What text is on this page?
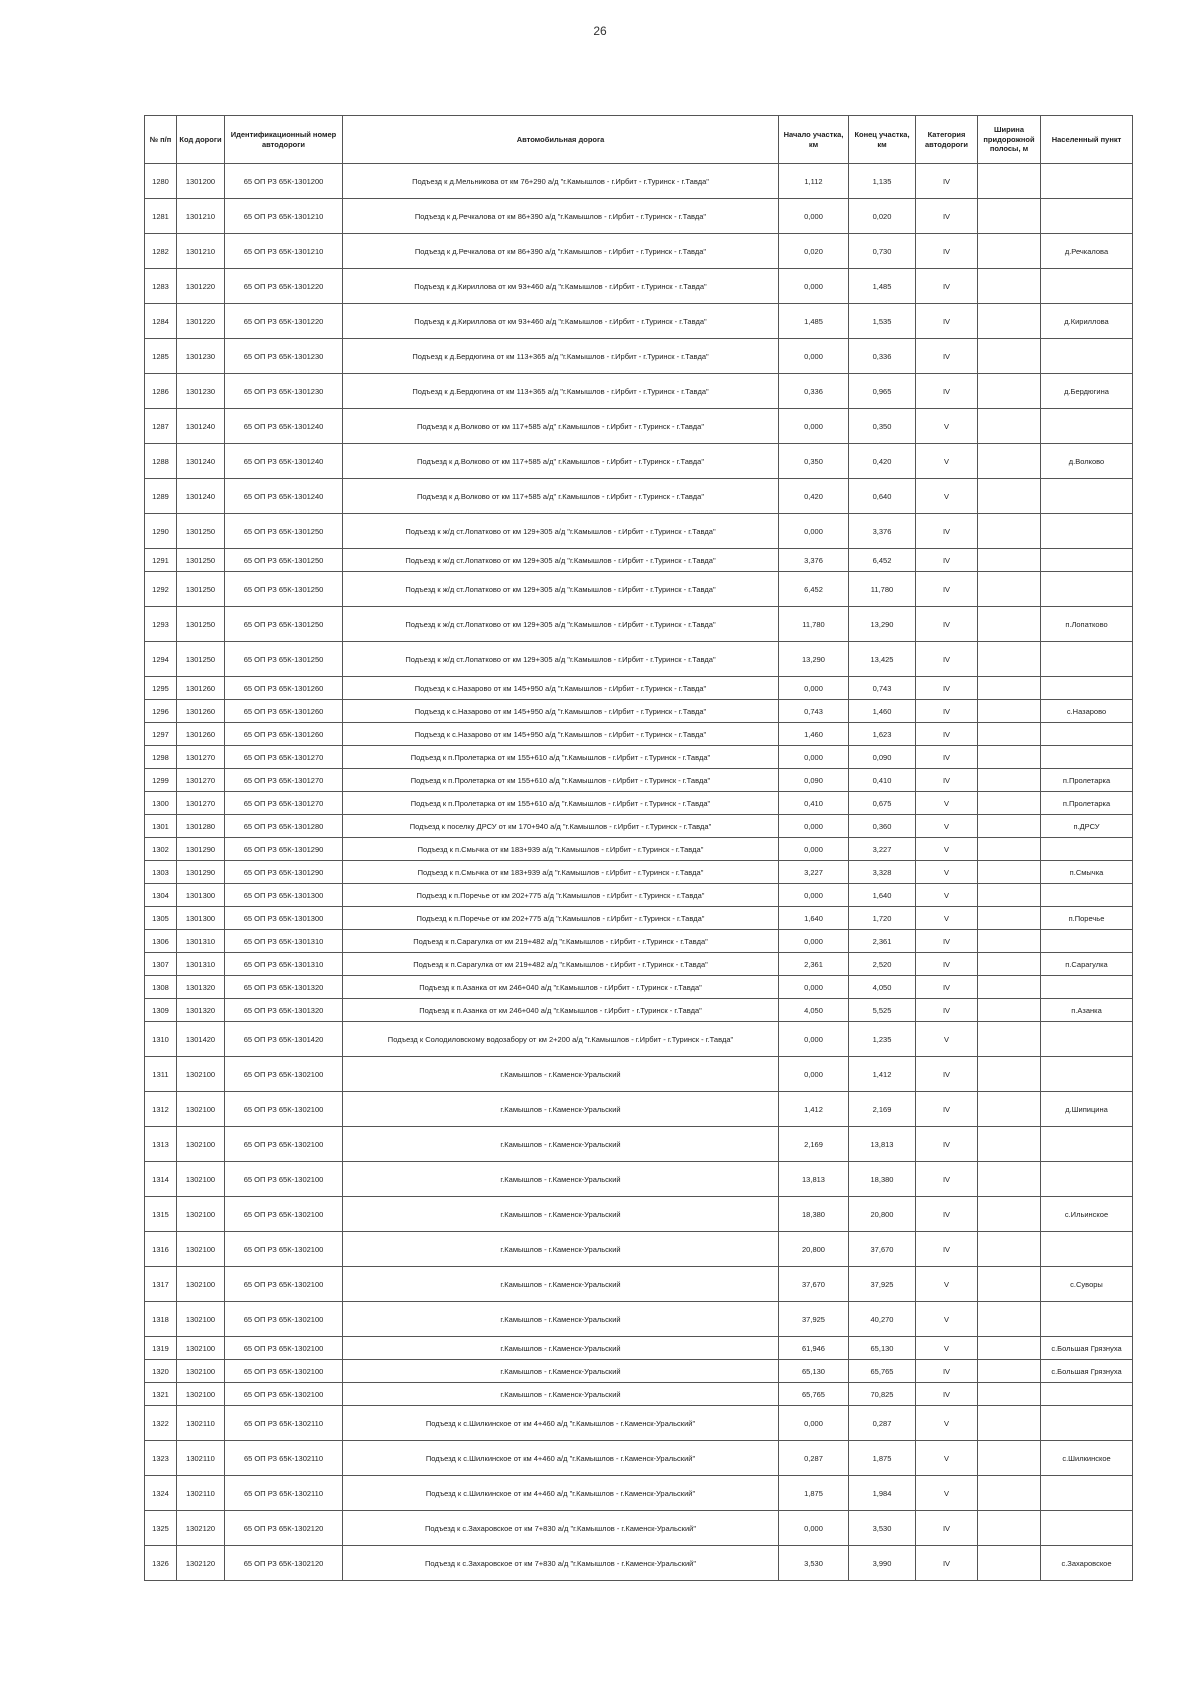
26
№ п/п	Код дороги	Идентификационный номер автодороги	Автомобильная дорога	Начало участка, км	Конец участка, км	Категория автодороги	Ширина придорожной полосы, м	Населенный пункт
1280	1301200	65 ОП РЗ 65К-1301200	Подъезд к д.Мельникова от км 76+290 а/д "г.Камышлов - г.Ирбит - г.Туринск - г.Тавда"	1,112	1,135	IV		
1281	1301210	65 ОП РЗ 65К-1301210	Подъезд к д.Речкалова от км 86+390 а/д "г.Камышлов - г.Ирбит - г.Туринск - г.Тавда"	0,000	0,020	IV		
1282	1301210	65 ОП РЗ 65К-1301210	Подъезд к д.Речкалова от км 86+390 а/д "г.Камышлов - г.Ирбит - г.Туринск - г.Тавда"	0,020	0,730	IV		д.Речкалова
1283	1301220	65 ОП РЗ 65К-1301220	Подъезд к д.Кириллова от км 93+460 а/д "г.Камышлов - г.Ирбит - г.Туринск - г.Тавда"	0,000	1,485	IV		
1284	1301220	65 ОП РЗ 65К-1301220	Подъезд к д.Кириллова от км 93+460 а/д "г.Камышлов - г.Ирбит - г.Туринск - г.Тавда"	1,485	1,535	IV		д.Кириллова
1285	1301230	65 ОП РЗ 65К-1301230	Подъезд к д.Бердюгина от км 113+365 а/д "г.Камышлов - г.Ирбит - г.Туринск - г.Тавда"	0,000	0,336	IV		
1286	1301230	65 ОП РЗ 65К-1301230	Подъезд к д.Бердюгина от км 113+365 а/д "г.Камышлов - г.Ирбит - г.Туринск - г.Тавда"	0,336	0,965	IV		д.Бердюгина
1287	1301240	65 ОП РЗ 65К-1301240	Подъезд к д.Волково от км 117+585 а/д" г.Камышлов - г.Ирбит - г.Туринск - г.Тавда"	0,000	0,350	V		
1288	1301240	65 ОП РЗ 65К-1301240	Подъезд к д.Волково от км 117+585 а/д" г.Камышлов - г.Ирбит - г.Туринск - г.Тавда"	0,350	0,420	V		д.Волково
1289	1301240	65 ОП РЗ 65К-1301240	Подъезд к д.Волково от км 117+585 а/д" г.Камышлов - г.Ирбит - г.Туринск - г.Тавда"	0,420	0,640	V		
1290	1301250	65 ОП РЗ 65К-1301250	Подъезд к ж/д ст.Лопатково от км 129+305 а/д "г.Камышлов - г.Ирбит - г.Туринск - г.Тавда"	0,000	3,376	IV		
1291	1301250	65 ОП РЗ 65К-1301250	Подъезд к ж/д ст.Лопатково от км 129+305 а/д "г.Камышлов - г.Ирбит - г.Туринск - г.Тавда"	3,376	6,452	IV		
1292	1301250	65 ОП РЗ 65К-1301250	Подъезд к ж/д ст.Лопатково от км 129+305 а/д "г.Камышлов - г.Ирбит - г.Туринск - г.Тавда"	6,452	11,780	IV		
1293	1301250	65 ОП РЗ 65К-1301250	Подъезд к ж/д ст.Лопатково от км 129+305 а/д "г.Камышлов - г.Ирбит - г.Туринск - г.Тавда"	11,780	13,290	IV		п.Лопатково
1294	1301250	65 ОП РЗ 65К-1301250	Подъезд к ж/д ст.Лопатково от км 129+305 а/д "г.Камышлов - г.Ирбит - г.Туринск - г.Тавда"	13,290	13,425	IV		
1295	1301260	65 ОП РЗ 65К-1301260	Подъезд к с.Назарово от км 145+950 а/д "г.Камышлов - г.Ирбит - г.Туринск - г.Тавда"	0,000	0,743	IV		
1296	1301260	65 ОП РЗ 65К-1301260	Подъезд к с.Назарово от км 145+950 а/д "г.Камышлов - г.Ирбит - г.Туринск - г.Тавда"	0,743	1,460	IV		с.Назарово
1297	1301260	65 ОП РЗ 65К-1301260	Подъезд к с.Назарово от км 145+950 а/д "г.Камышлов - г.Ирбит - г.Туринск - г.Тавда"	1,460	1,623	IV		
1298	1301270	65 ОП РЗ 65К-1301270	Подъезд к п.Пролетарка от км 155+610 а/д "г.Камышлов - г.Ирбит - г.Туринск - г.Тавда"	0,000	0,090	IV		
1299	1301270	65 ОП РЗ 65К-1301270	Подъезд к п.Пролетарка от км 155+610 а/д "г.Камышлов - г.Ирбит - г.Туринск - г.Тавда"	0,090	0,410	IV		п.Пролетарка
1300	1301270	65 ОП РЗ 65К-1301270	Подъезд к п.Пролетарка от км 155+610 а/д "г.Камышлов - г.Ирбит - г.Туринск - г.Тавда"	0,410	0,675	V		п.Пролетарка
1301	1301280	65 ОП РЗ 65К-1301280	Подъезд к поселку ДРСУ от км 170+940 а/д "г.Камышлов - г.Ирбит - г.Туринск - г.Тавда"	0,000	0,360	V		п.ДРСУ
1302	1301290	65 ОП РЗ 65К-1301290	Подъезд к п.Смычка от км 183+939 а/д "г.Камышлов - г.Ирбит - г.Туринск - г.Тавда"	0,000	3,227	V		
1303	1301290	65 ОП РЗ 65К-1301290	Подъезд к п.Смычка от км 183+939 а/д "г.Камышлов - г.Ирбит - г.Туринск - г.Тавда"	3,227	3,328	V		п.Смычка
1304	1301300	65 ОП РЗ 65К-1301300	Подъезд к п.Поречье от км 202+775 а/д "г.Камышлов - г.Ирбит - г.Туринск - г.Тавда"	0,000	1,640	V		
1305	1301300	65 ОП РЗ 65К-1301300	Подъезд к п.Поречье от км 202+775 а/д "г.Камышлов - г.Ирбит - г.Туринск - г.Тавда"	1,640	1,720	V		п.Поречье
1306	1301310	65 ОП РЗ 65К-1301310	Подъезд к п.Сарагулка от км 219+482 а/д "г.Камышлов - г.Ирбит - г.Туринск - г.Тавда"	0,000	2,361	IV		
1307	1301310	65 ОП РЗ 65К-1301310	Подъезд к п.Сарагулка от км 219+482 а/д "г.Камышлов - г.Ирбит - г.Туринск - г.Тавда"	2,361	2,520	IV		п.Сарагулка
1308	1301320	65 ОП РЗ 65К-1301320	Подъезд к п.Азанка от км 246+040 а/д "г.Камышлов - г.Ирбит - г.Туринск - г.Тавда"	0,000	4,050	IV		
1309	1301320	65 ОП РЗ 65К-1301320	Подъезд к п.Азанка от км 246+040 а/д "г.Камышлов - г.Ирбит - г.Туринск - г.Тавда"	4,050	5,525	IV		п.Азанка
1310	1301420	65 ОП РЗ 65К-1301420	Подъезд к Солодиловскому водозабору от км 2+200 а/д "г.Камышлов - г.Ирбит - г.Туринск - г.Тавда"	0,000	1,235	V		
1311	1302100	65 ОП РЗ 65К-1302100	г.Камышлов - г.Каменск-Уральский	0,000	1,412	IV		
1312	1302100	65 ОП РЗ 65К-1302100	г.Камышлов - г.Каменск-Уральский	1,412	2,169	IV		д.Шипицина
1313	1302100	65 ОП РЗ 65К-1302100	г.Камышлов - г.Каменск-Уральский	2,169	13,813	IV		
1314	1302100	65 ОП РЗ 65К-1302100	г.Камышлов - г.Каменск-Уральский	13,813	18,380	IV		
1315	1302100	65 ОП РЗ 65К-1302100	г.Камышлов - г.Каменск-Уральский	18,380	20,800	IV		с.Ильинское
1316	1302100	65 ОП РЗ 65К-1302100	г.Камышлов - г.Каменск-Уральский	20,800	37,670	IV		
1317	1302100	65 ОП РЗ 65К-1302100	г.Камышлов - г.Каменск-Уральский	37,670	37,925	V		с.Суворы
1318	1302100	65 ОП РЗ 65К-1302100	г.Камышлов - г.Каменск-Уральский	37,925	40,270	V		
1319	1302100	65 ОП РЗ 65К-1302100	г.Камышлов - г.Каменск-Уральский	61,946	65,130	V		с.Большая Грязнуха
1320	1302100	65 ОП РЗ 65К-1302100	г.Камышлов - г.Каменск-Уральский	65,130	65,765	IV		с.Большая Грязнуха
1321	1302100	65 ОП РЗ 65К-1302100	г.Камышлов - г.Каменск-Уральский	65,765	70,825	IV		
1322	1302110	65 ОП РЗ 65К-1302110	Подъезд к с.Шилкинское от км 4+460 а/д "г.Камышлов - г.Каменск-Уральский"	0,000	0,287	V		
1323	1302110	65 ОП РЗ 65К-1302110	Подъезд к с.Шилкинское от км 4+460 а/д "г.Камышлов - г.Каменск-Уральский"	0,287	1,875	V		с.Шилкинское
1324	1302110	65 ОП РЗ 65К-1302110	Подъезд к с.Шилкинское от км 4+460 а/д "г.Камышлов - г.Каменск-Уральский"	1,875	1,984	V		
1325	1302120	65 ОП РЗ 65К-1302120	Подъезд к с.Захаровское от км 7+830 а/д "г.Камышлов - г.Каменск-Уральский"	0,000	3,530	IV		
1326	1302120	65 ОП РЗ 65К-1302120	Подъезд к с.Захаровское от км 7+830 а/д "г.Камышлов - г.Каменск-Уральский"	3,530	3,990	IV		с.Захаровское
